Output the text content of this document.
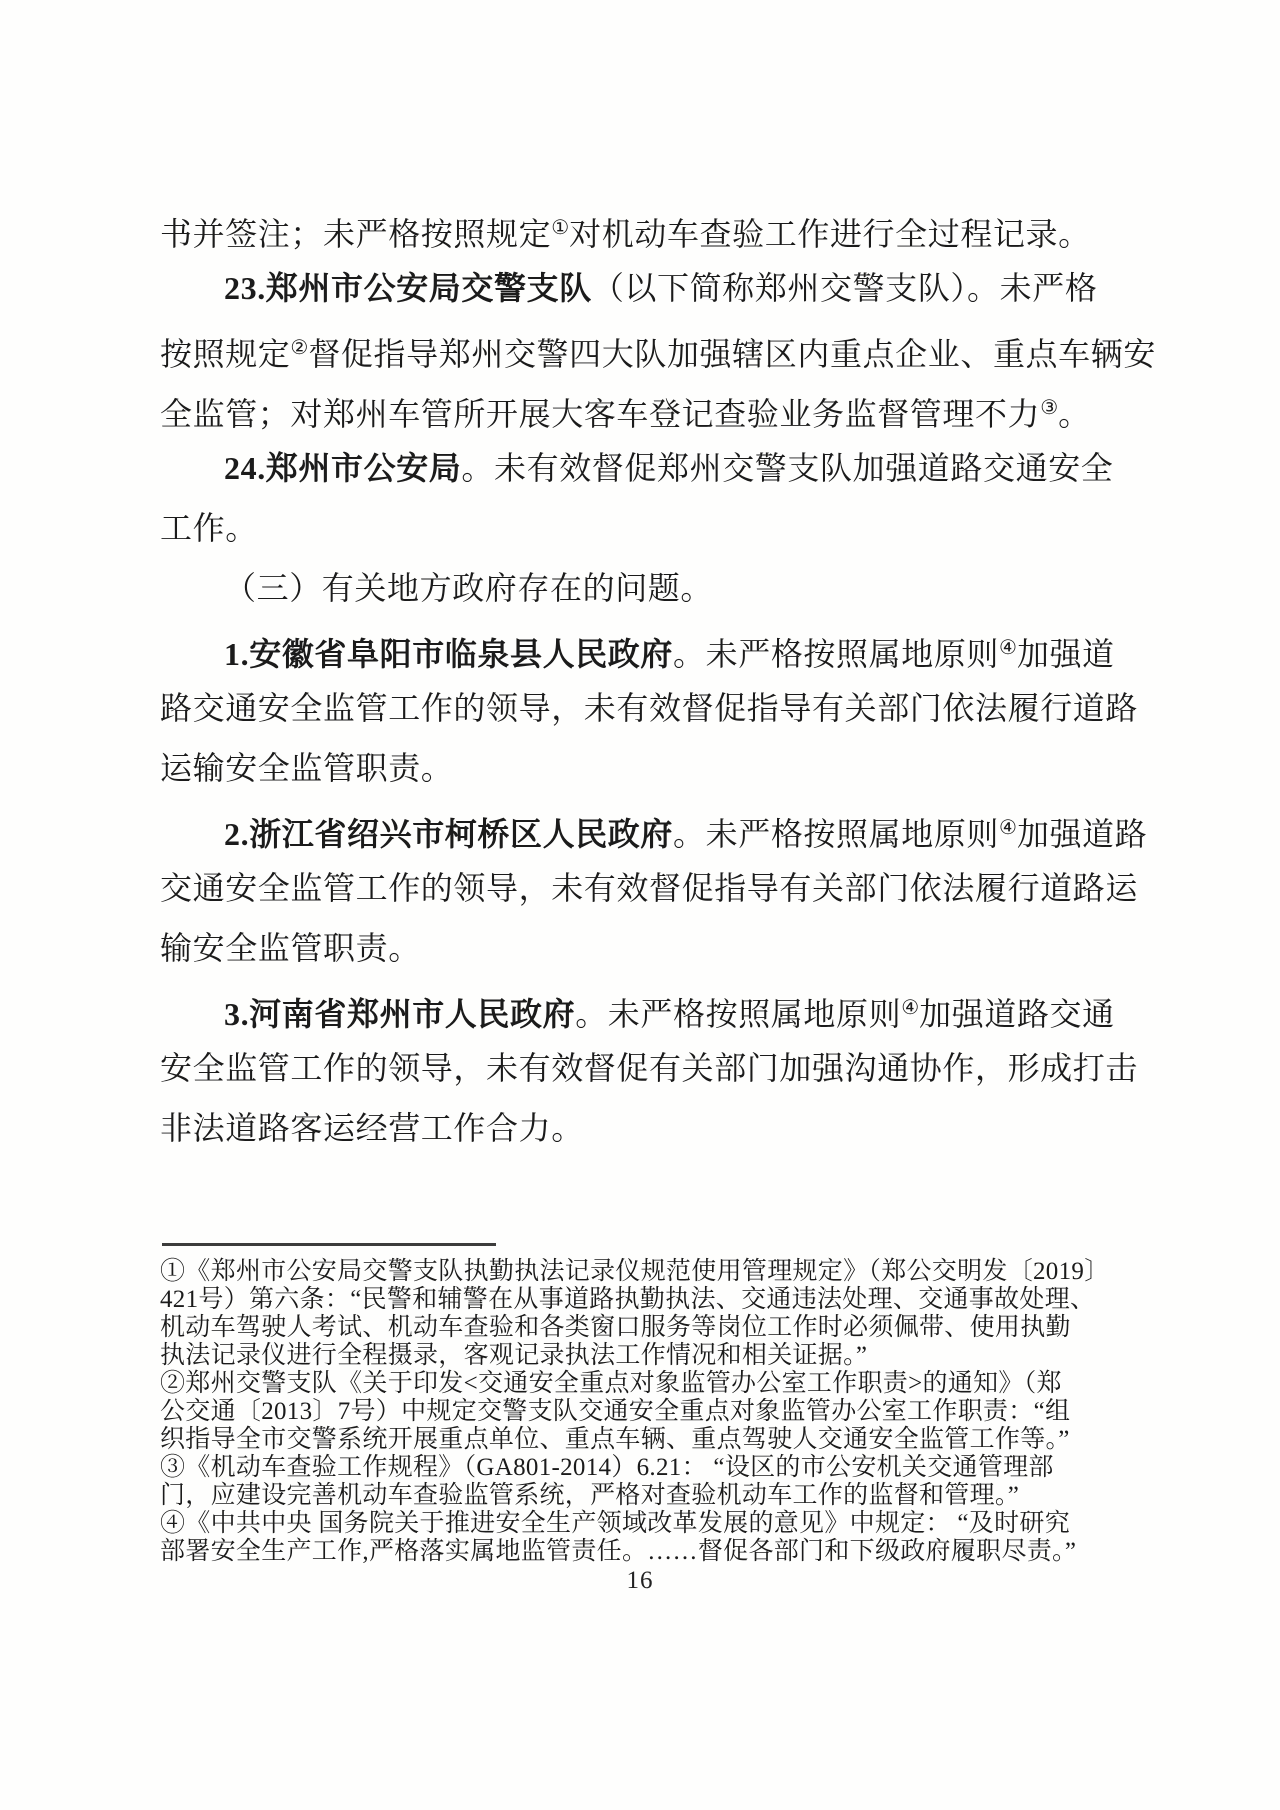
书并签注；未严格按照规定①对机动车查验工作进行全过程记录。
23.郑州市公安局交警支队（以下简称郑州交警支队）。未严格
按照规定②督促指导郑州交警四大队加强辖区内重点企业、重点车辆安
全监管；对郑州车管所开展大客车登记查验业务监督管理不力③。
24.郑州市公安局。未有效督促郑州交警支队加强道路交通安全
工作。
（三）有关地方政府存在的问题。
1.安徽省阜阳市临泉县人民政府。未严格按照属地原则④加强道
路交通安全监管工作的领导，未有效督促指导有关部门依法履行道路
运输安全监管职责。
2.浙江省绍兴市柯桥区人民政府。未严格按照属地原则④加强道路
交通安全监管工作的领导，未有效督促指导有关部门依法履行道路运
输安全监管职责。
3.河南省郑州市人民政府。未严格按照属地原则④加强道路交通
安全监管工作的领导，未有效督促有关部门加强沟通协作，形成打击
非法道路客运经营工作合力。
①《郑州市公安局交警支队执勤执法记录仪规范使用管理规定》（郑公交明发〔2019〕
421号）第六条：“民警和辅警在从事道路执勤执法、交通违法处理、交通事故处理、
机动车驾驶人考试、机动车查验和各类窗口服务等岗位工作时必须佩带、使用执勤
执法记录仪进行全程摄录，客观记录执法工作情况和相关证据。”
②郑州交警支队《关于印发<交通安全重点对象监管办公室工作职责>的通知》（郑
公交通〔2013〕7号）中规定交警支队交通安全重点对象监管办公室工作职责：“组
织指导全市交警系统开展重点单位、重点车辆、重点驾驶人交通安全监管工作等。”
③《机动车查验工作规程》（GA801-2014）6.21： “设区的市公安机关交通管理部
门，应建设完善机动车查验监管系统，严格对查验机动车工作的监督和管理。”
④《中共中央 国务院关于推进安全生产领域改革发展的意见》中规定： “及时研究
部署安全生产工作,严格落实属地监管责任。……督促各部门和下级政府履职尽责。”
16
